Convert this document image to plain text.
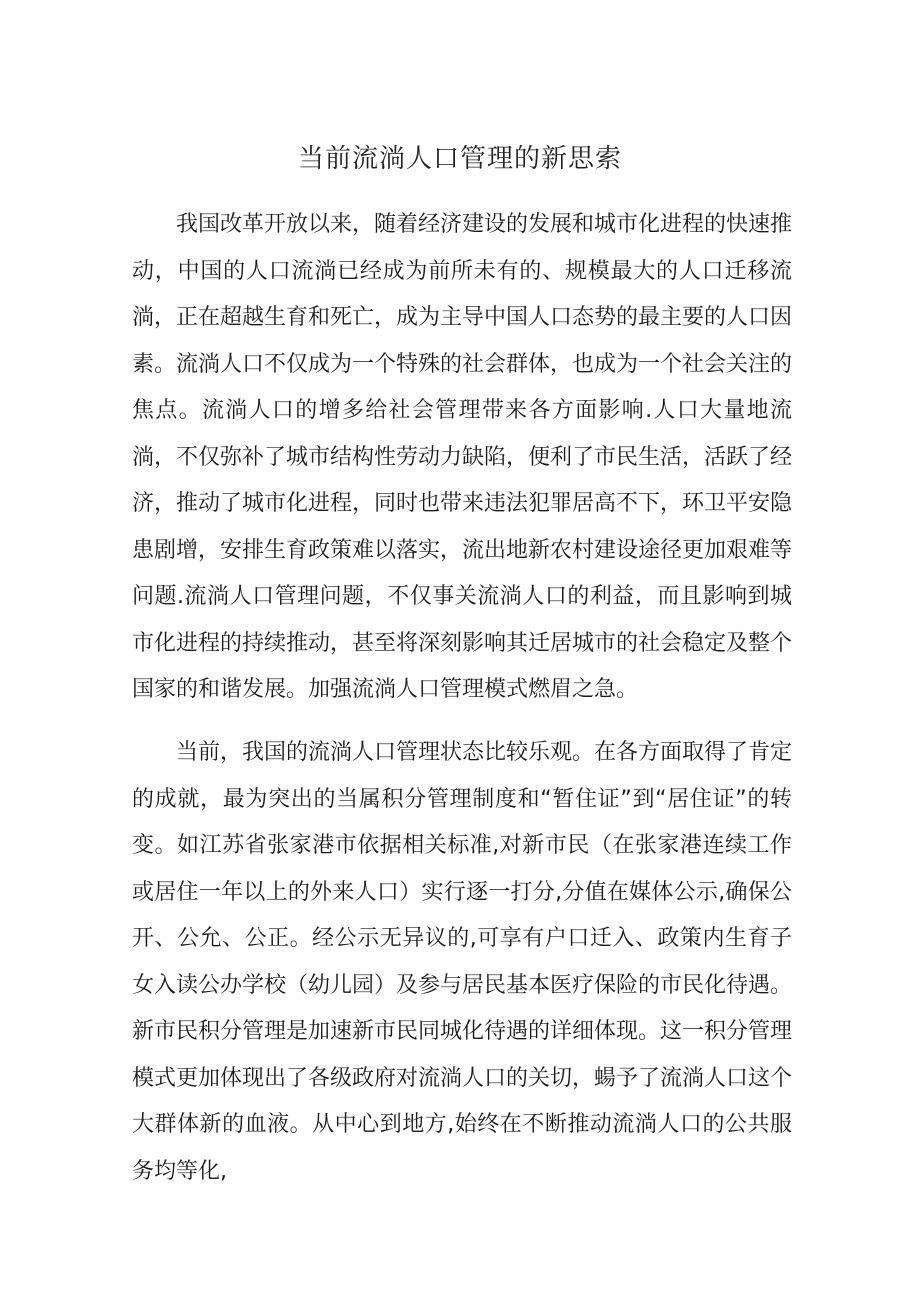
当前流淌人口管理的新思索

我国改革开放以来，随着经济建设的发展和城市化进程的快速推动，中国的人口流淌已经成为前所未有的、规模最大的人口迁移流淌，正在超越生育和死亡，成为主导中国人口态势的最主要的人口因素。流淌人口不仅成为一个特殊的社会群体，也成为一个社会关注的焦点。流淌人口的增多给社会管理带来各方面影响.人口大量地流淌，不仅弥补了城市结构性劳动力缺陷，便利了市民生活，活跃了经济，推动了城市化进程，同时也带来违法犯罪居高不下，环卫平安隐患剧增，安排生育政策难以落实，流出地新农村建设途径更加艰难等问题.流淌人口管理问题，不仅事关流淌人口的利益，而且影响到城市化进程的持续推动，甚至将深刻影响其迁居城市的社会稳定及整个国家的和谐发展。加强流淌人口管理模式燃眉之急。

当前，我国的流淌人口管理状态比较乐观。在各方面取得了肯定的成就，最为突出的当属积分管理制度和“暂住证”到“居住证”的转变。如江苏省张家港市依据相关标准,对新市民（在张家港连续工作或居住一年以上的外来人口）实行逐一打分,分值在媒体公示,确保公开、公允、公正。经公示无异议的,可享有户口迁入、政策内生育子女入读公办学校（幼儿园）及参与居民基本医疗保险的市民化待遇。新市民积分管理是加速新市民同城化待遇的详细体现。这一积分管理模式更加体现出了各级政府对流淌人口的关切，蝪予了流淌人口这个大群体新的血液。从中心到地方,始终在不断推动流淌人口的公共服务均等化,
